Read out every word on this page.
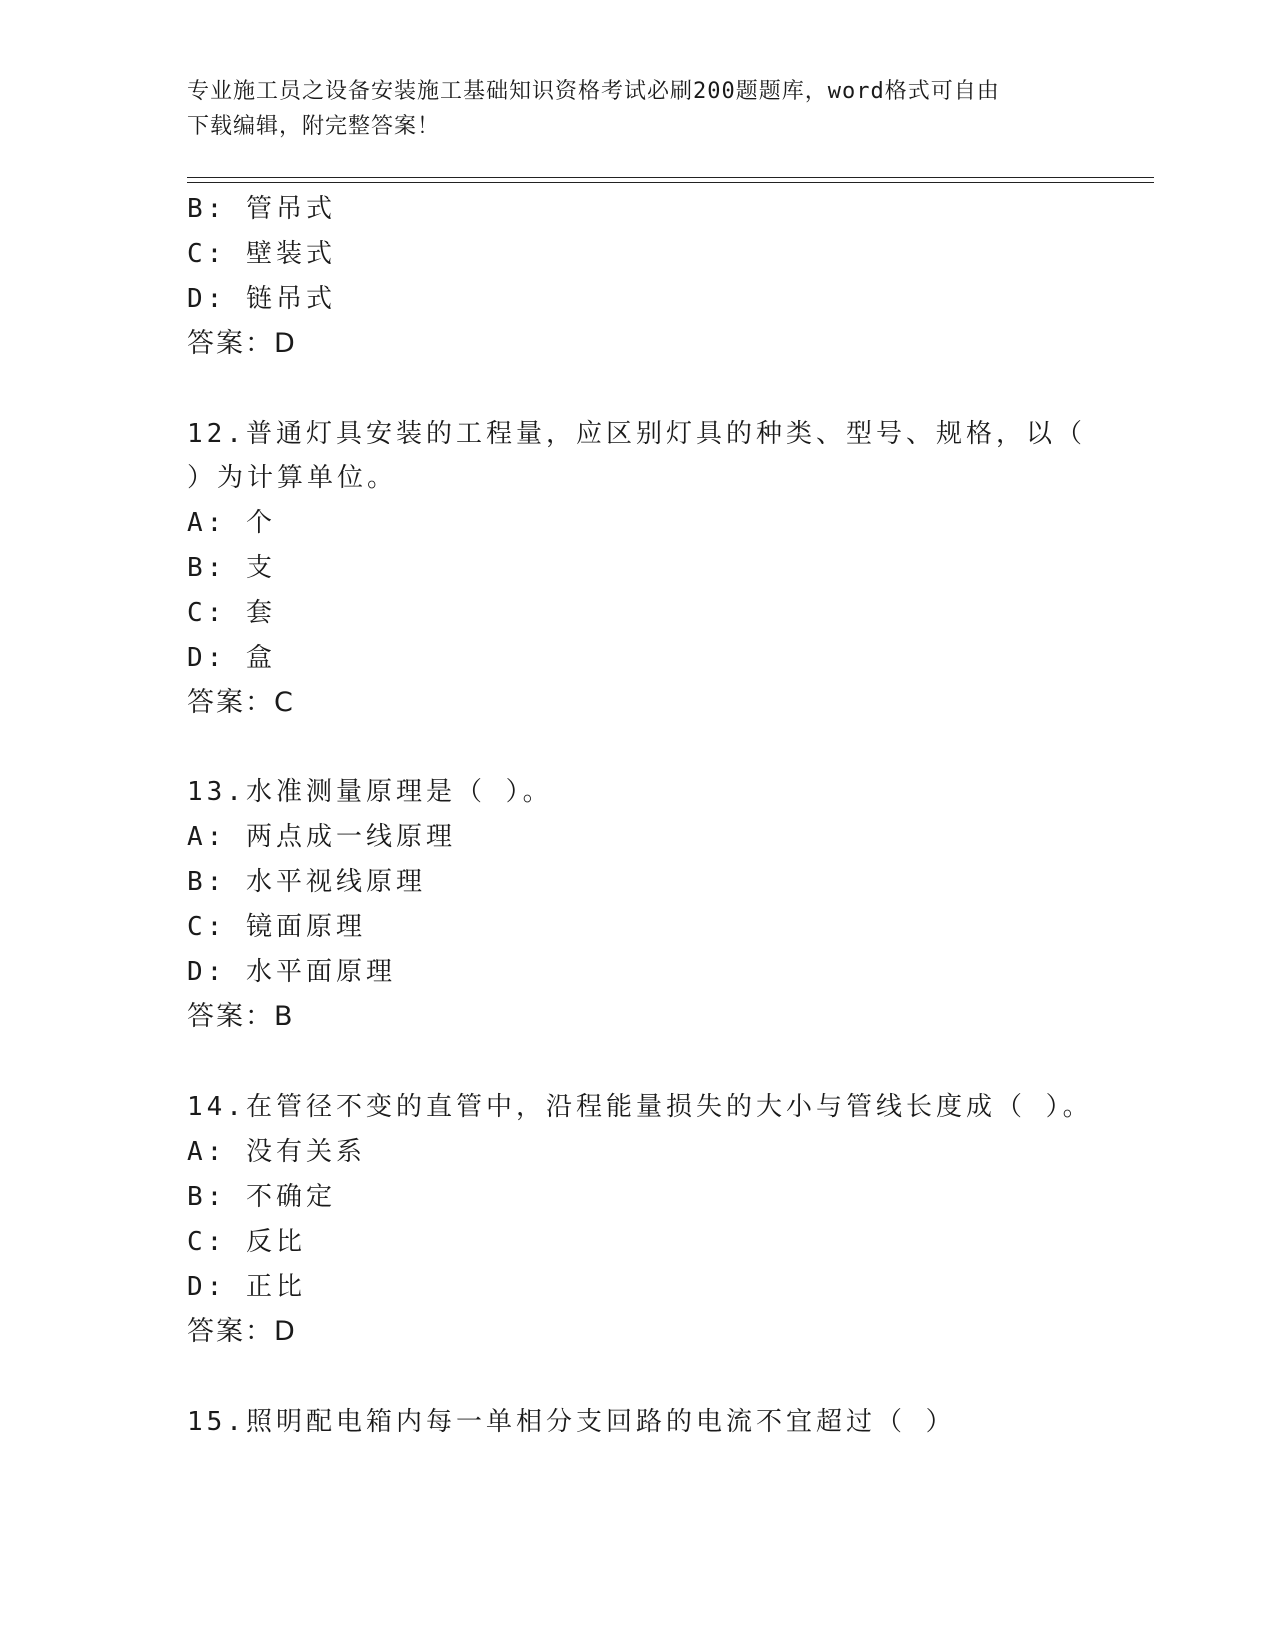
专业施工员之设备安装施工基础知识资格考试必刷200题题库，word格式可自由
下载编辑，附完整答案！
B: 管吊式
C: 壁装式
D: 链吊式
答案：D
12.普通灯具安装的工程量，应区别灯具的种类、型号、规格，以（
）为计算单位。
A: 个
B: 支
C: 套
D: 盒
答案：C
13.水准测量原理是（ ）。
A: 两点成一线原理
B: 水平视线原理
C: 镜面原理
D: 水平面原理
答案：B
14.在管径不变的直管中，沿程能量损失的大小与管线长度成（ ）。
A: 没有关系
B: 不确定
C: 反比
D: 正比
答案：D
15.照明配电箱内每一单相分支回路的电流不宜超过（ ）
